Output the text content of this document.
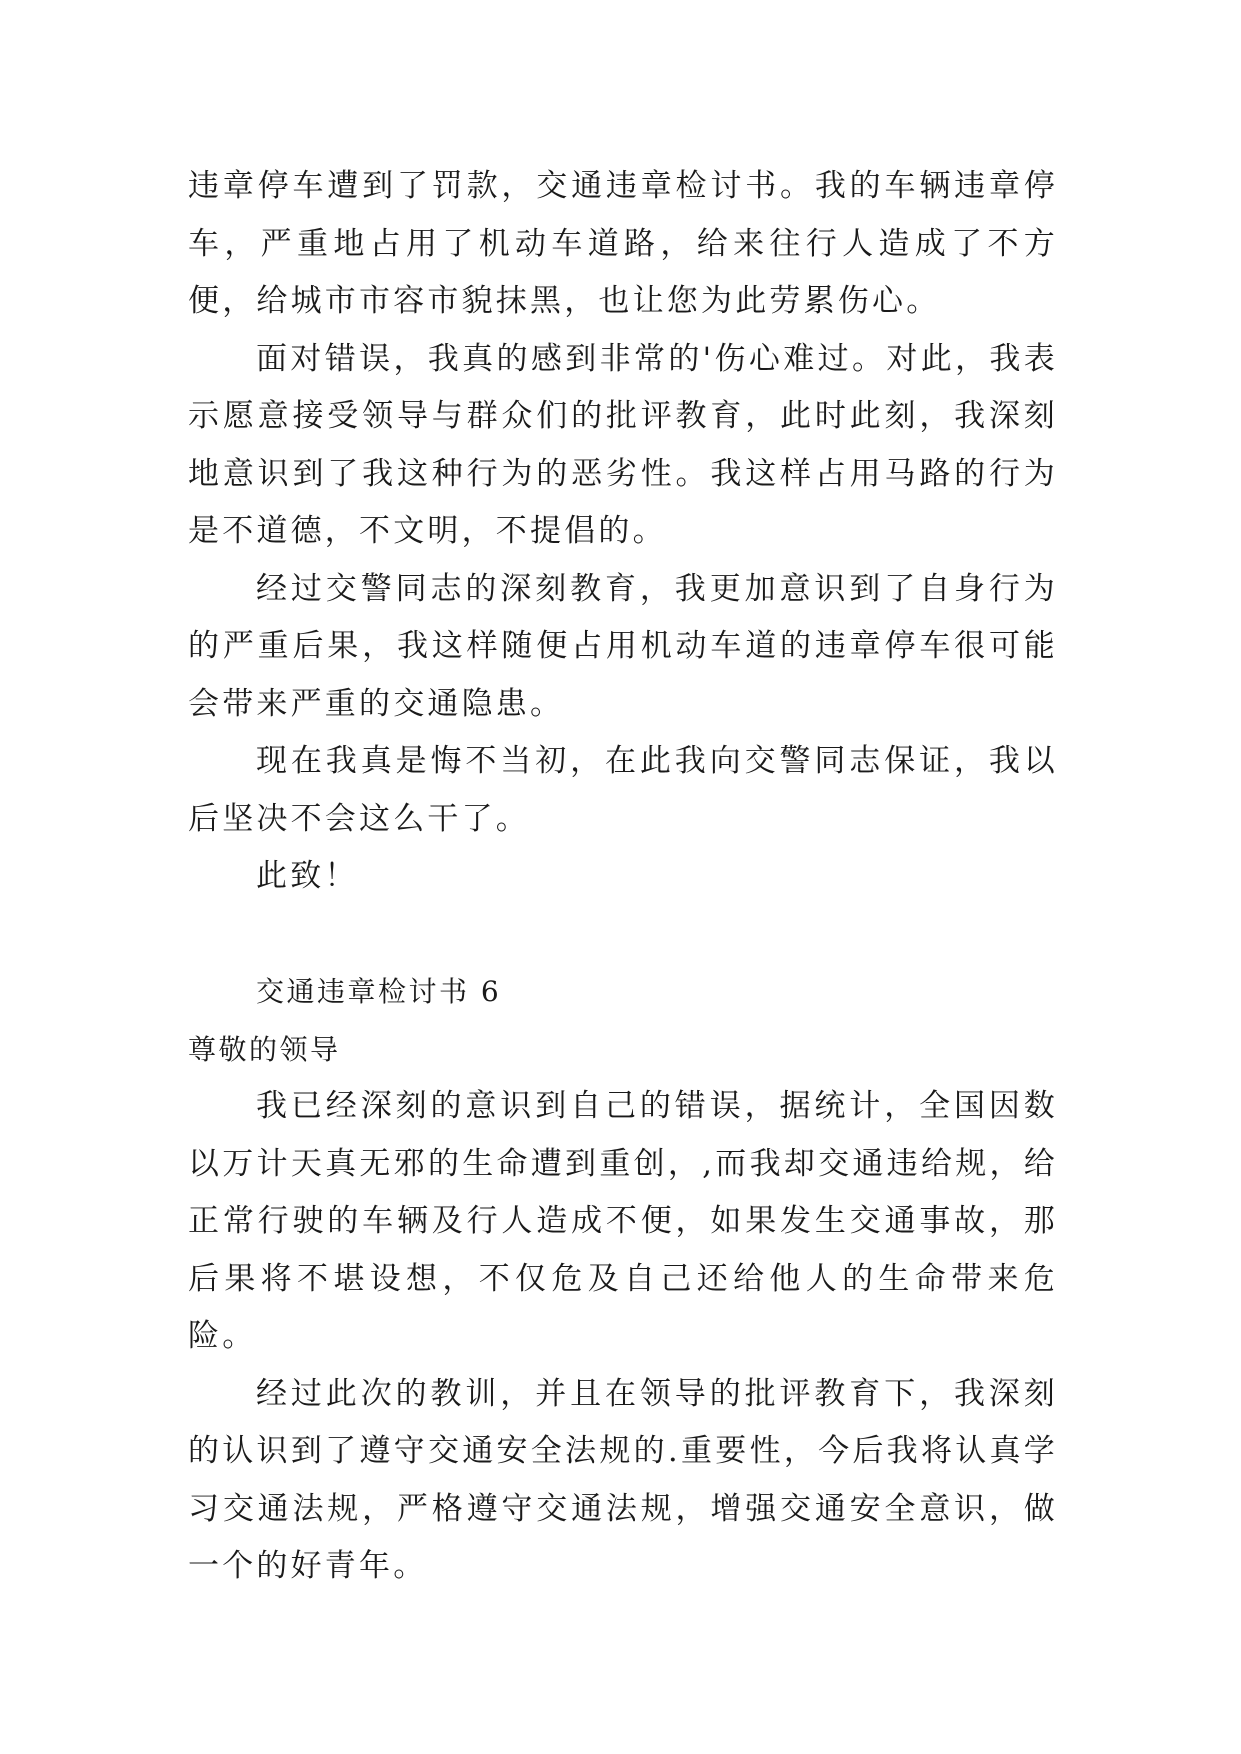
违章停车遭到了罚款，交通违章检讨书。我的车辆违章停车，严重地占用了机动车道路，给来往行人造成了不方便，给城市市容市貌抹黑，也让您为此劳累伤心。

面对错误，我真的感到非常的'伤心难过。对此，我表示愿意接受领导与群众们的批评教育，此时此刻，我深刻地意识到了我这种行为的恶劣性。我这样占用马路的行为是不道德，不文明，不提倡的。

经过交警同志的深刻教育，我更加意识到了自身行为的严重后果，我这样随便占用机动车道的违章停车很可能会带来严重的交通隐患。

现在我真是悔不当初，在此我向交警同志保证，我以后坚决不会这么干了。

此致！

交通违章检讨书 6

尊敬的领导

我已经深刻的意识到自己的错误，据统计，全国因数以万计天真无邪的生命遭到重创，,而我却交通违给规，给正常行驶的车辆及行人造成不便，如果发生交通事故，那后果将不堪设想，不仅危及自己还给他人的生命带来危险。

经过此次的教训，并且在领导的批评教育下，我深刻的认识到了遵守交通安全法规的.重要性，今后我将认真学习交通法规，严格遵守交通法规，增强交通安全意识，做一个的好青年。
